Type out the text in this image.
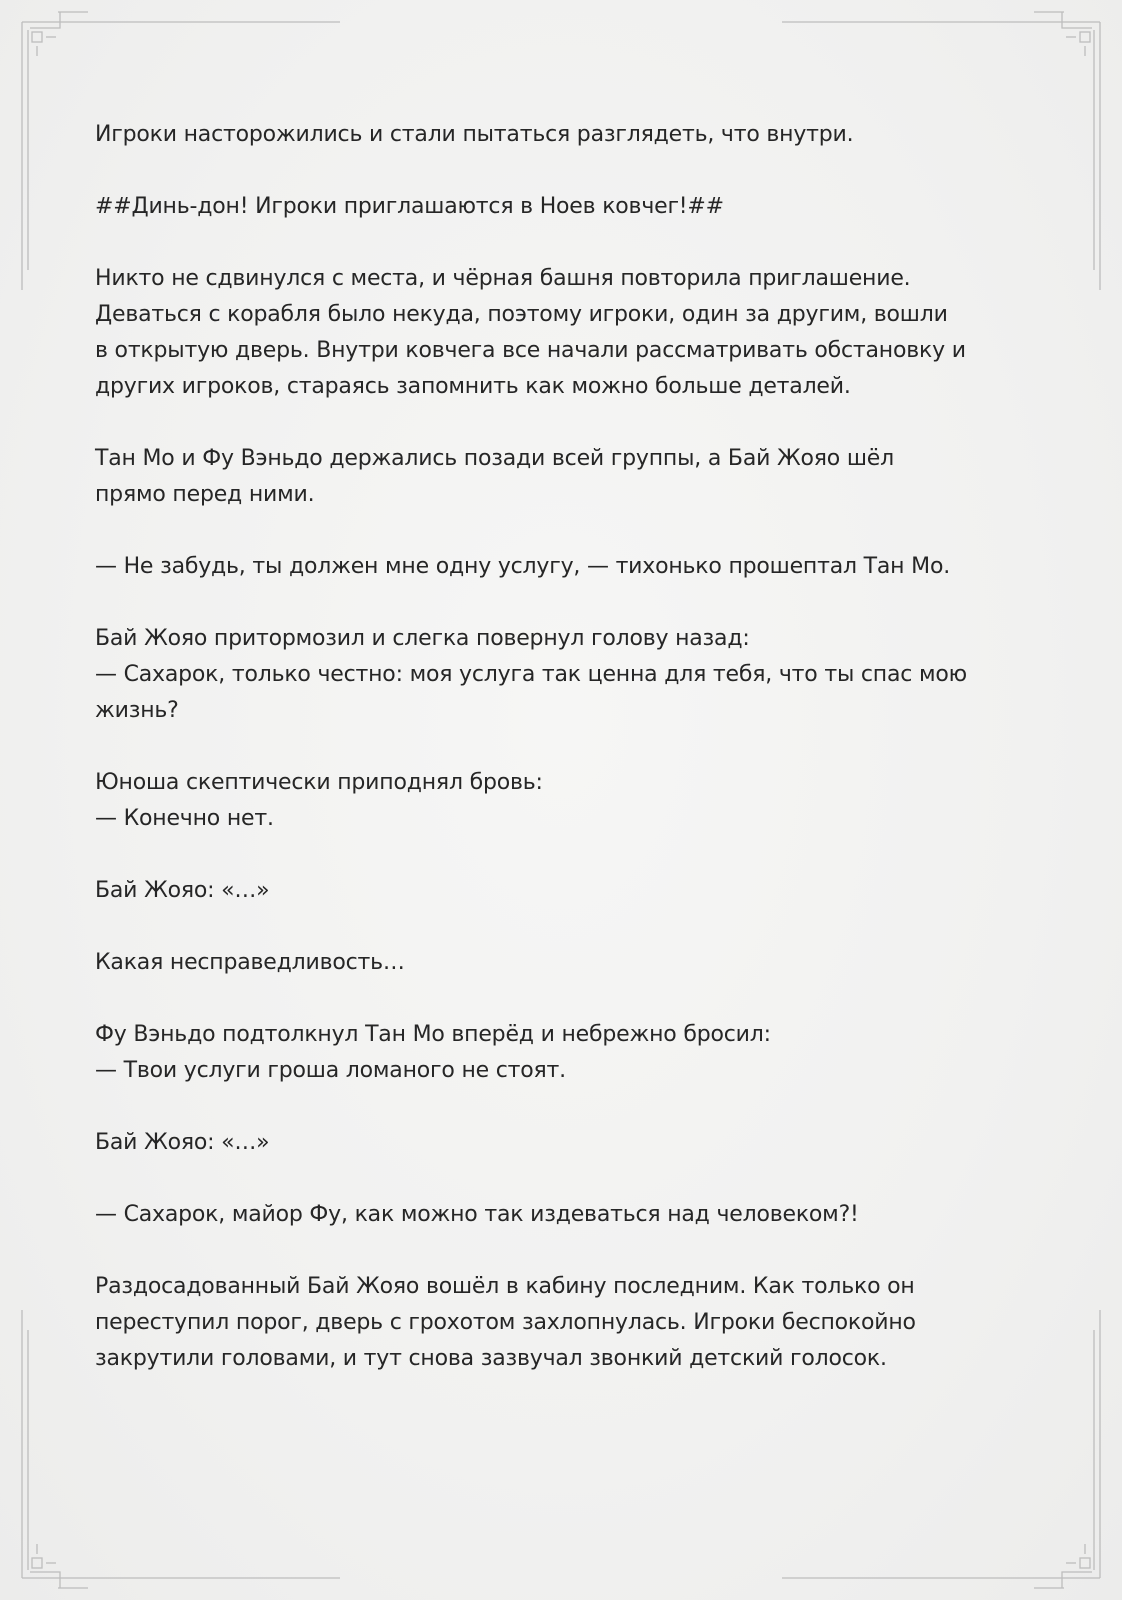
Игроки насторожились и стали пытаться разглядеть, что внутри.

##Динь-дон! Игроки приглашаются в Ноев ковчег!##

Никто не сдвинулся с места, и чёрная башня повторила приглашение.
Деваться с корабля было некуда, поэтому игроки, один за другим, вошли
в открытую дверь. Внутри ковчега все начали рассматривать обстановку и
других игроков, стараясь запомнить как можно больше деталей.

Тан Мо и Фу Вэньдо держались позади всей группы, а Бай Жояо шёл
прямо перед ними.

— Не забудь, ты должен мне одну услугу, — тихонько прошептал Тан Мо.

Бай Жояо притормозил и слегка повернул голову назад:
— Сахарок, только честно: моя услуга так ценна для тебя, что ты спас мою
жизнь?

Юноша скептически приподнял бровь:
— Конечно нет.

Бай Жояо: «…»

Какая несправедливость…

Фу Вэньдо подтолкнул Тан Мо вперёд и небрежно бросил:
— Твои услуги гроша ломаного не стоят.

Бай Жояо: «…»

— Сахарок, майор Фу, как можно так издеваться над человеком?!

Раздосадованный Бай Жояо вошёл в кабину последним. Как только он
переступил порог, дверь с грохотом захлопнулась. Игроки беспокойно
закрутили головами, и тут снова зазвучал звонкий детский голосок.
